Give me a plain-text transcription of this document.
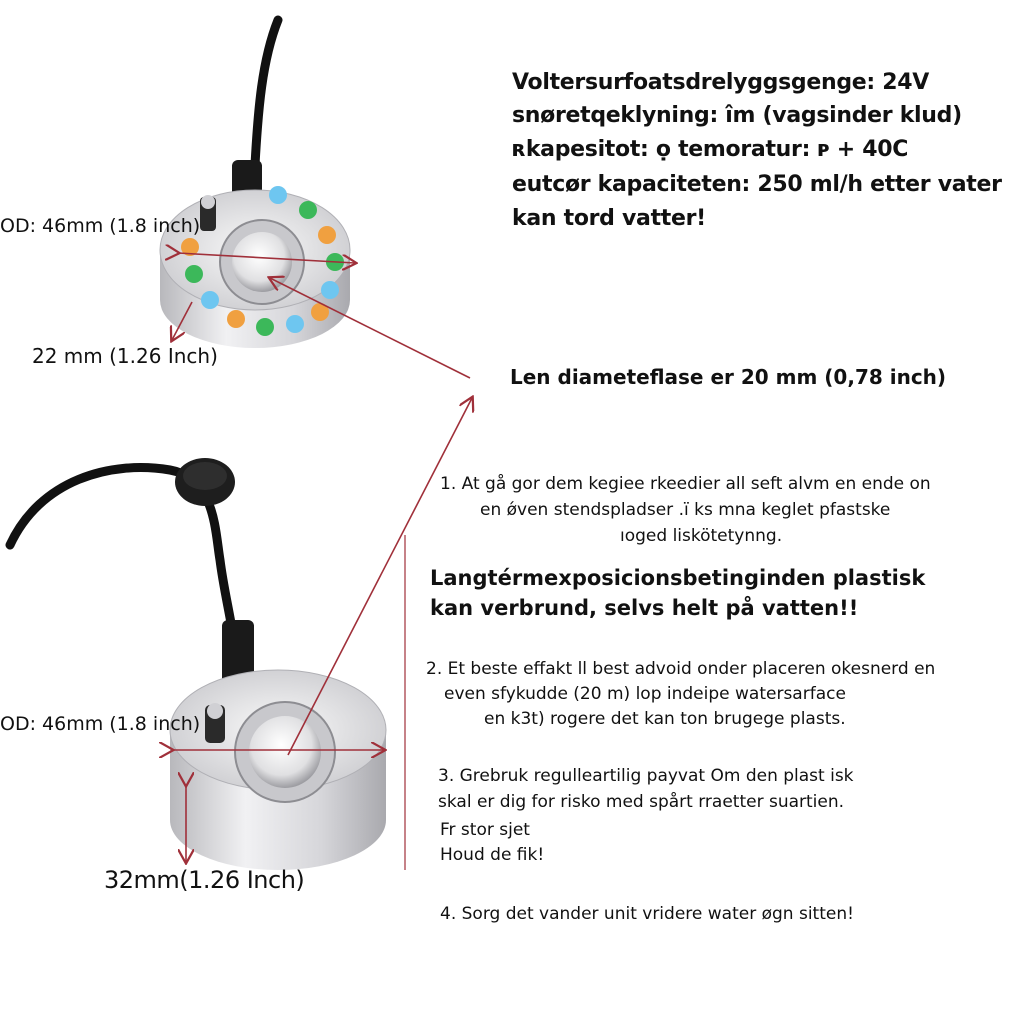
Voltersurfoatsdrelyggsgenge: 24V
snøretqeklyning: îm (vagsinder klud)
ʀkapesitot: ọ temoratur: ᴘ + 40C
eutcør kapaciteten: 250 ml/h etter vater
kan tord vatter!
OD: 46mm (1.8 inch)
22 mm (1.26 Inch)
Len diameteflase er 20 mm (0,78 inch)
1. At gå gor dem kegiee rkeedier all seft alvm en ende on
en ǿven stendspladser .ï ks mna keglet pfastske
ıoged liskötetynng.
Langtérmexposicionsbetinginden plastisk
kan verbrund, selvs helt på vatten!!
OD: 46mm (1.8 inch)
2. Et beste effakt ll best advoid onder placeren okesnerd en
even sfykudde (20 m) lop indeipe watersarface
en k3t) rogere det kan ton brugege plasts.
3. Grebruk regulleartilig payvat Om den plast isk
skal er dig for risko med spårt rraetter suartien.
Fr stor sjet
Houd de fik!
32mm(1.26 Inch)
4. Sorg det vander unit vridere water øgn sitten!
